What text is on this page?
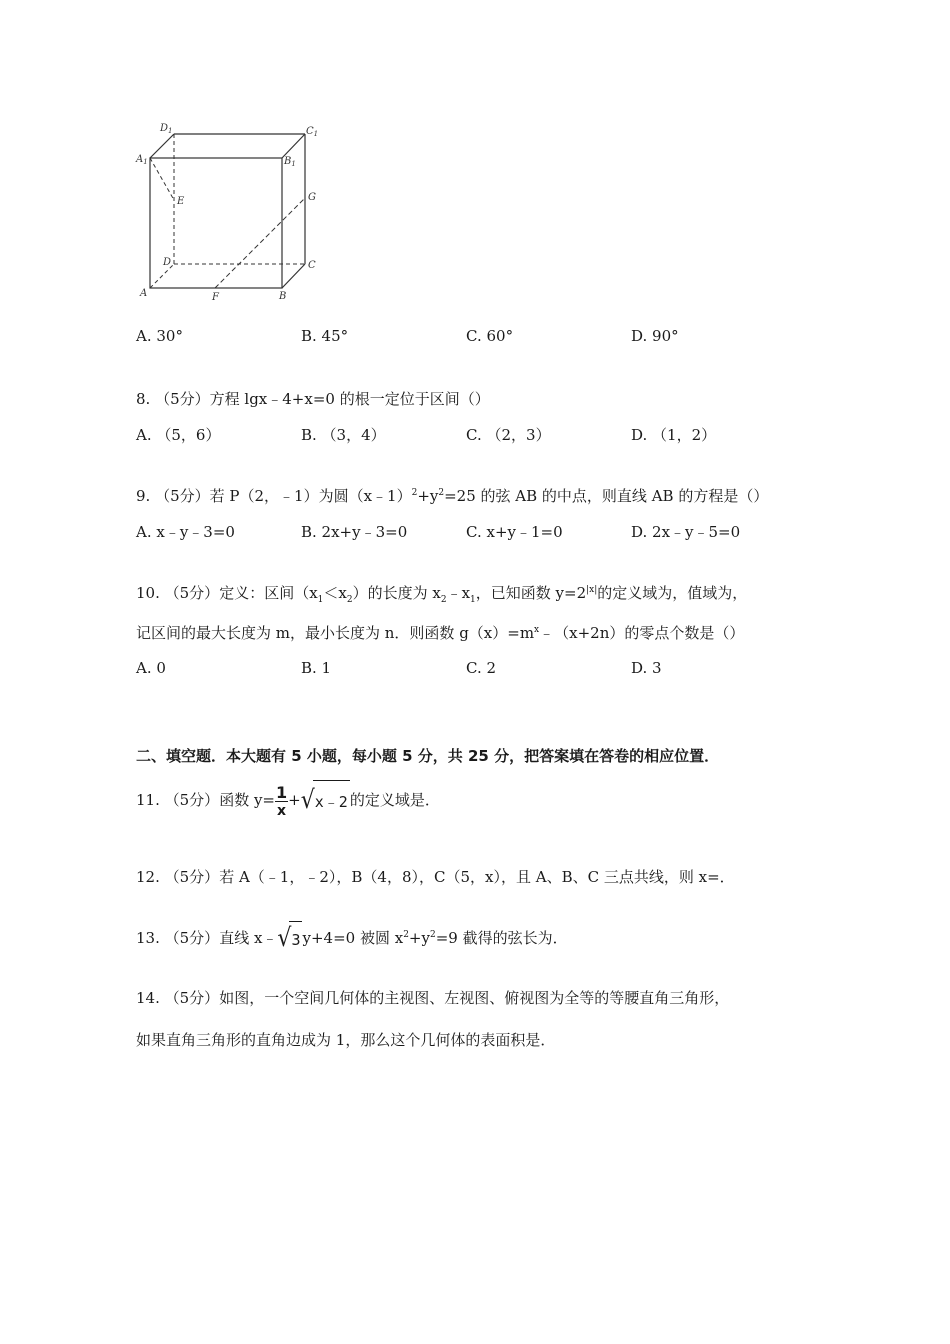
$D_1$	$C_1$
$A_1$	$B_1$
E	G
D	C
A	F	B
A. 30°	B. 45°	C. 60°	D. 90°
8. （5分）方程 lgx﹣4+x=0 的根一定位于区间（）
A. （5，6）	B. （3，4）	C. （2，3）	D. （1，2）
9. （5分）若 P（2，﹣1）为圆$(x﹣1)^2+y^2=25$ 的弦 AB 的中点，则直线 AB 的方程是（）
A. x﹣y﹣3=0	B. 2x+y﹣3=0	C. x+y﹣1=0	D. 2x﹣y﹣5=0
10. （5分）定义：区间$(x_1<x_2)$的长度为 $x_2﹣x_1$，已知函数 $y=2^{|x|}$的定义域为，值域为，
记区间的最大长度为 m，最小长度为 n．则函数 $g(x)=m^x﹣(x+2n)$的零点个数是（）
A. 0	B. 1	C. 2	D. 3
二、填空题．本大题有 5 小题，每小题 5 分，共 25 分，把答案填在答卷的相应位置．
11. （5分）函数 $y= \frac{1}{x}$ +√x﹣2 的定义域是．
12. （5分）若 A（﹣1，﹣2），B（4，8），C（5，x），且 A、B、C 三点共线，则 x=．
13. （5分）直线 x﹣√3 y+4=0 被圆 $x^2+y^2=9$ 截得的弦长为．
14. （5分）如图，一个空间几何体的主视图、左视图、俯视图为全等的等腰直角三角形，
如果直角三角形的直角边成为 1，那么这个几何体的表面积是．
